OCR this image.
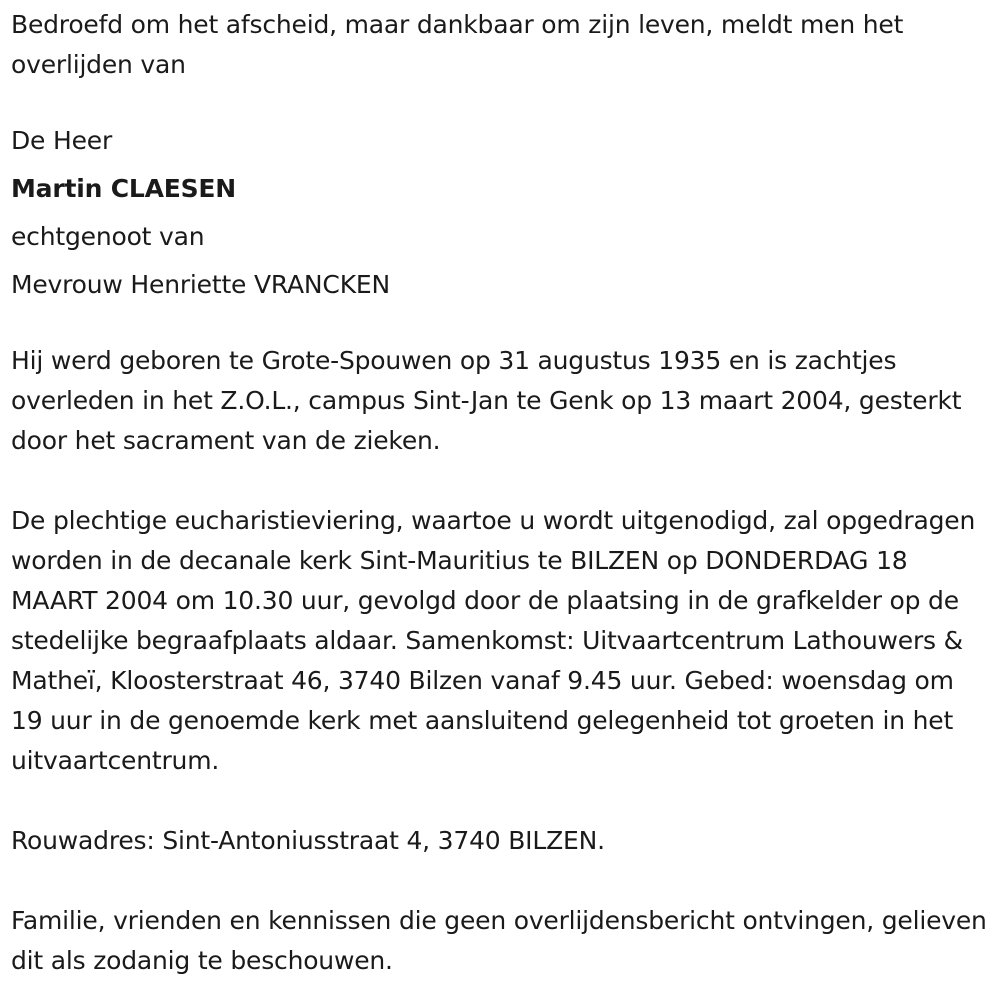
Bedroefd om het afscheid, maar dankbaar om zijn leven, meldt men het overlijden van

De Heer

Martin CLAESEN

echtgenoot van

Mevrouw Henriette VRANCKEN

Hij werd geboren te Grote-Spouwen op 31 augustus 1935 en is zachtjes overleden in het Z.O.L., campus Sint-Jan te Genk op 13 maart 2004, gesterkt door het sacrament van de zieken.

De plechtige eucharistieviering, waartoe u wordt uitgenodigd, zal opgedragen worden in de decanale kerk Sint-Mauritius te BILZEN op DONDERDAG 18 MAART 2004 om 10.30 uur, gevolgd door de plaatsing in de grafkelder op de stedelijke begraafplaats aldaar. Samenkomst: Uitvaartcentrum Lathouwers & Matheï, Kloosterstraat 46, 3740 Bilzen vanaf 9.45 uur. Gebed: woensdag om 19 uur in de genoemde kerk met aansluitend gelegenheid tot groeten in het uitvaartcentrum.

Rouwadres: Sint-Antoniusstraat 4, 3740 BILZEN.

Familie, vrienden en kennissen die geen overlijdensbericht ontvingen, gelieven dit als zodanig te beschouwen.
